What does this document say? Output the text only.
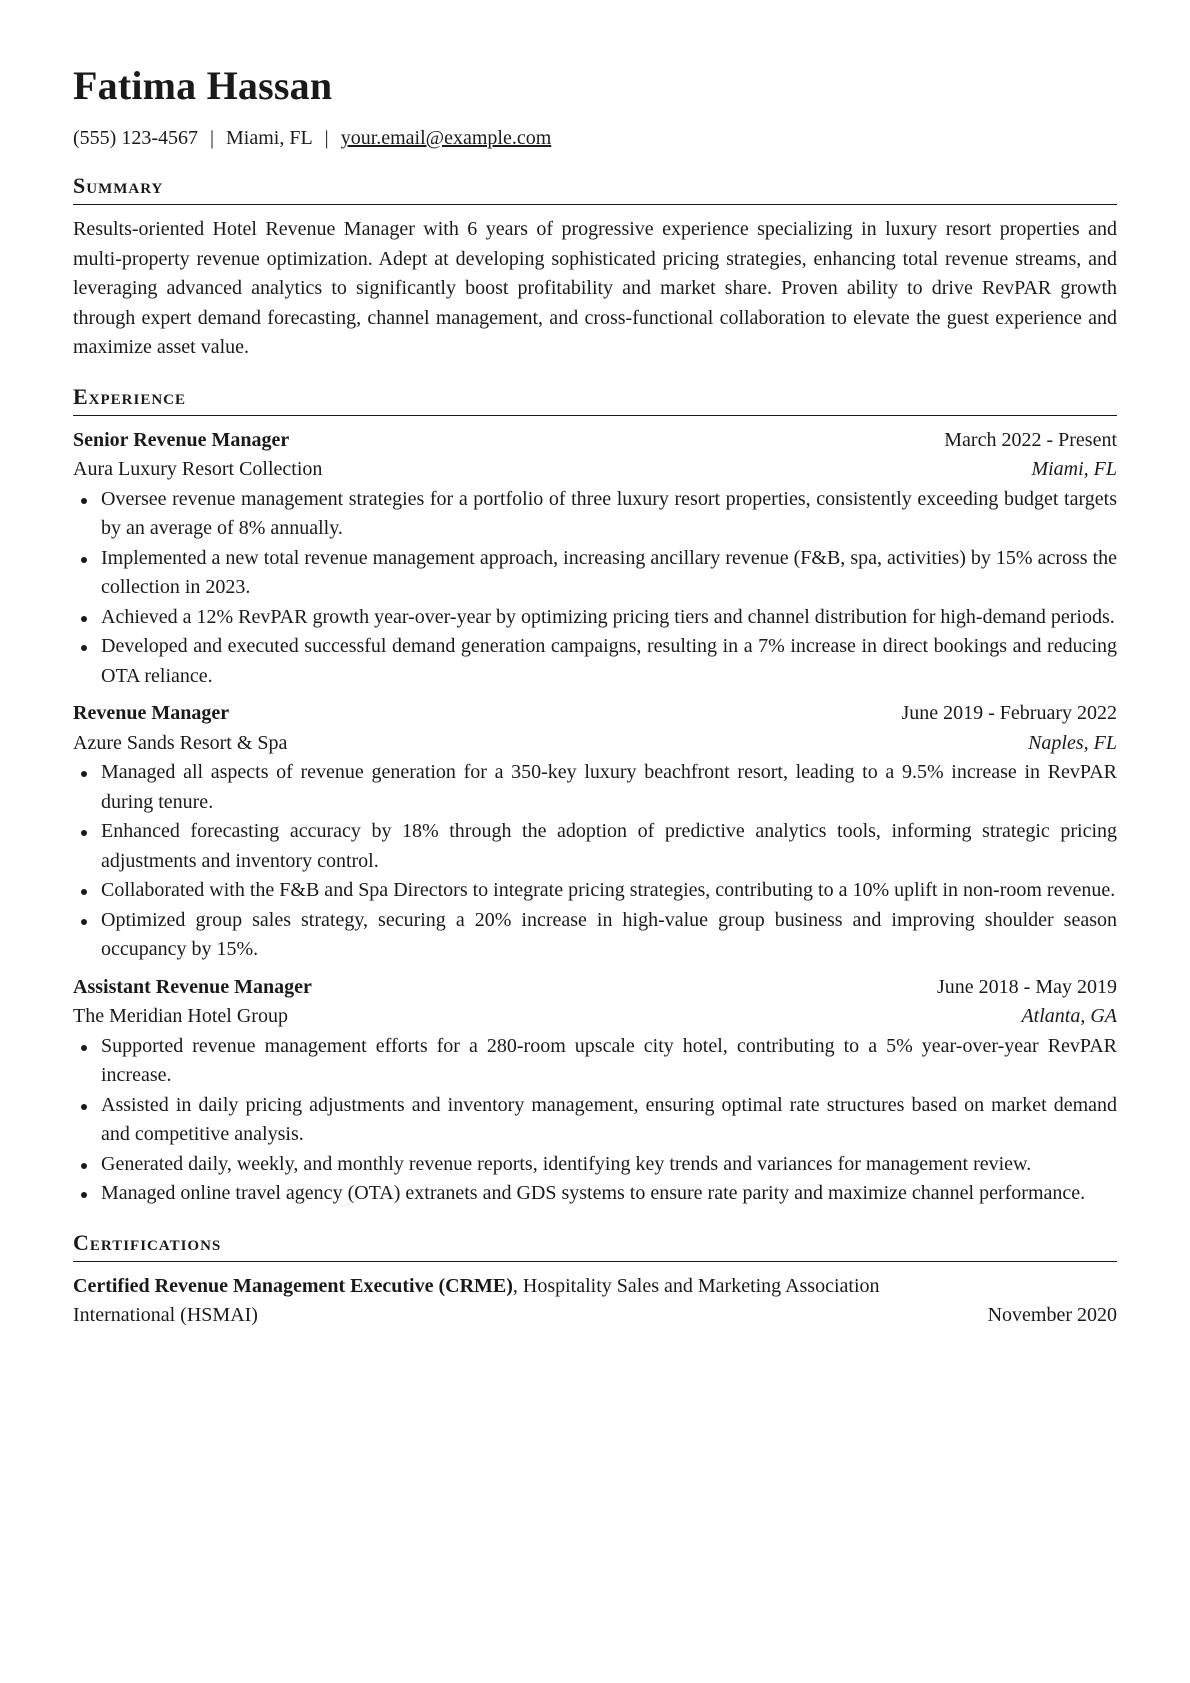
Fatima Hassan
(555) 123-4567 | Miami, FL | your.email@example.com
Summary
Results-oriented Hotel Revenue Manager with 6 years of progressive experience specializing in luxury resort properties and multi-property revenue optimization. Adept at developing sophisticated pricing strategies, enhancing total revenue streams, and leveraging advanced analytics to significantly boost profitability and market share. Proven ability to drive RevPAR growth through expert demand forecasting, channel management, and cross-functional collaboration to elevate the guest experience and maximize asset value.
Experience
Senior Revenue Manager	March 2022 - Present
Aura Luxury Resort Collection	Miami, FL
Oversee revenue management strategies for a portfolio of three luxury resort properties, consistently exceeding budget targets by an average of 8% annually.
Implemented a new total revenue management approach, increasing ancillary revenue (F&B, spa, activities) by 15% across the collection in 2023.
Achieved a 12% RevPAR growth year-over-year by optimizing pricing tiers and channel distribution for high-demand periods.
Developed and executed successful demand generation campaigns, resulting in a 7% increase in direct bookings and reducing OTA reliance.
Revenue Manager	June 2019 - February 2022
Azure Sands Resort & Spa	Naples, FL
Managed all aspects of revenue generation for a 350-key luxury beachfront resort, leading to a 9.5% increase in RevPAR during tenure.
Enhanced forecasting accuracy by 18% through the adoption of predictive analytics tools, informing strategic pricing adjustments and inventory control.
Collaborated with the F&B and Spa Directors to integrate pricing strategies, contributing to a 10% uplift in non-room revenue.
Optimized group sales strategy, securing a 20% increase in high-value group business and improving shoulder season occupancy by 15%.
Assistant Revenue Manager	June 2018 - May 2019
The Meridian Hotel Group	Atlanta, GA
Supported revenue management efforts for a 280-room upscale city hotel, contributing to a 5% year-over-year RevPAR increase.
Assisted in daily pricing adjustments and inventory management, ensuring optimal rate structures based on market demand and competitive analysis.
Generated daily, weekly, and monthly revenue reports, identifying key trends and variances for management review.
Managed online travel agency (OTA) extranets and GDS systems to ensure rate parity and maximize channel performance.
Certifications
Certified Revenue Management Executive (CRME), Hospitality Sales and Marketing Association
International (HSMAI)	November 2020
